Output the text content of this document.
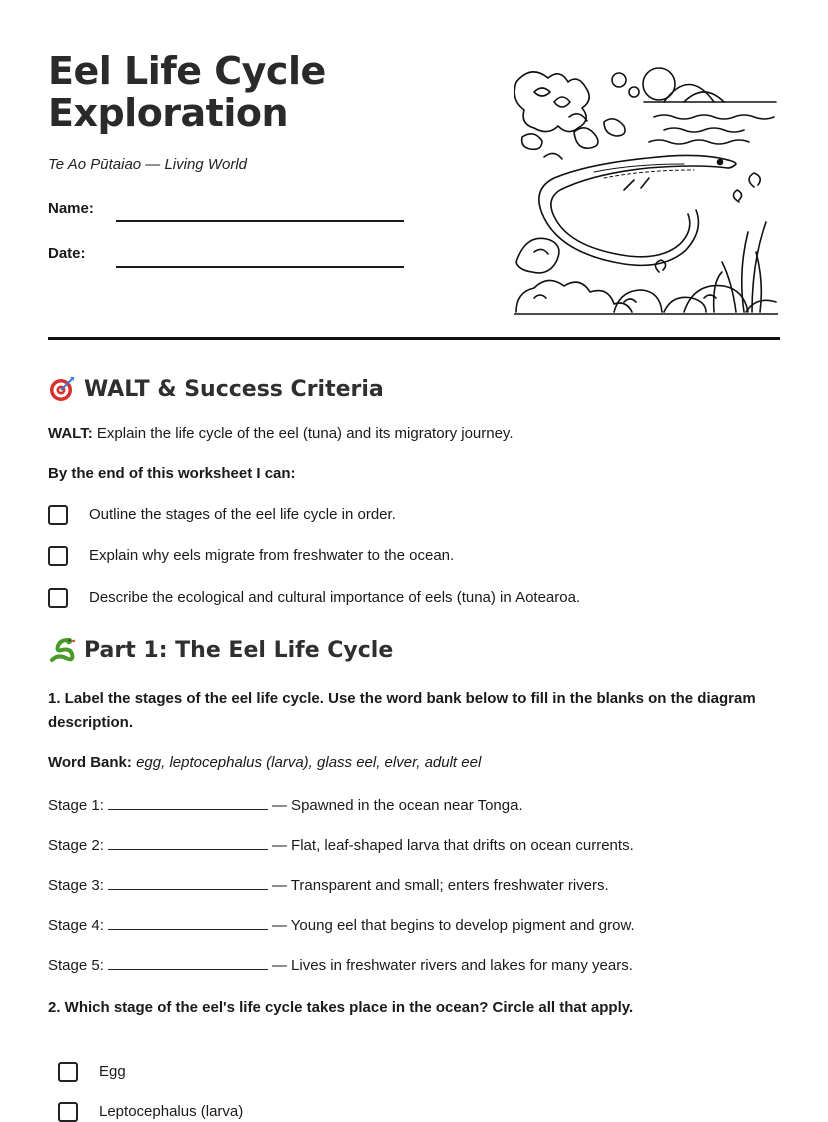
Eel Life Cycle
Exploration
Te Ao Pūtaiao — Living World
Name:
Date:
WALT & Success Criteria
WALT: Explain the life cycle of the eel (tuna) and its migratory journey.
By the end of this worksheet I can:
Outline the stages of the eel life cycle in order.
Explain why eels migrate from freshwater to the ocean.
Describe the ecological and cultural importance of eels (tuna) in Aotearoa.
Part 1: The Eel Life Cycle
1. Label the stages of the eel life cycle. Use the word bank below to fill in the blanks on the diagram description.
Word Bank: egg, leptocephalus (larva), glass eel, elver, adult eel
Stage 1:	— Spawned in the ocean near Tonga.
Stage 2:	— Flat, leaf-shaped larva that drifts on ocean currents.
Stage 3:	— Transparent and small; enters freshwater rivers.
Stage 4:	— Young eel that begins to develop pigment and grow.
Stage 5:	— Lives in freshwater rivers and lakes for many years.
2. Which stage of the eel's life cycle takes place in the ocean? Circle all that apply.
Egg
Leptocephalus (larva)
